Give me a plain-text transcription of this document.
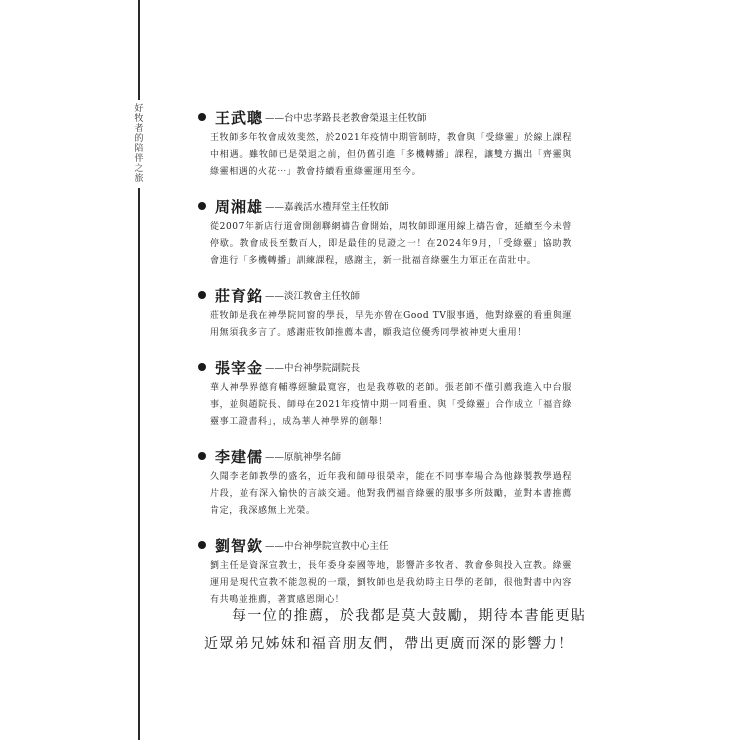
好牧者的陪伴之旅
王武聰 ——台中忠孝路長老教會榮退主任牧師
王牧師多年牧會成效斐然，於2021年疫情中期管制時，教會與「受綠靈」於線上課程中相遇。雖牧師已是榮退之前，但仍舊引進「多機轉播」課程，讓雙方攜出「齊靈與綠靈相遇的火花⋯」教會持續看重綠靈運用至今。
周湘雄 ——嘉義活水禮拜堂主任牧師
從2007年新店行道會開創聯網禱告會開始，周牧師即運用線上禱告會，延續至今未曾停歇。教會成長至數百人，即是最佳的見證之一！在2024年9月，「受綠靈」協助教會進行「多機轉播」訓練課程，感謝主，新一批福音綠靈生力軍正在苗壯中。
莊育銘 ——淡江教會主任牧師
莊牧師是我在神學院同窗的學長，早先亦曾在Good TV服事過，他對綠靈的看重與運用無須我多言了。感謝莊牧師推薦本書，願我這位優秀同學被神更大重用！
張宰金 ——中台神學院副院長
華人神學界德育輔導經驗最寬容，也是我尊敬的老師。張老師不僅引薦我進入中台服事，並與趙院長、師母在2021年疫情中期一同看重、與「受綠靈」合作成立「福音綠靈事工證書科」，成為華人神學界的創舉！
李建儒 ——原航神學名師
久聞李老師教學的盛名，近年我和師母很榮幸，能在不同事奉場合為他錄製教學過程片段，並有深入愉快的言談交通。他對我們福音綠靈的服事多所鼓勵，並對本書推薦肯定，我深感無上光榮。
劉智欽 ——中台神學院宣教中心主任
劉主任是資深宣教士，長年委身泰國等地，影響許多牧者、教會參與投入宣教。綠靈運用是現代宣教不能忽視的一環，劉牧師也是我幼時主日學的老師，很他對書中內容有共鳴並推薦，著實感恩開心！
每一位的推薦，於我都是莫大鼓勵，期待本書能更貼近眾弟兄姊妹和福音朋友們，帶出更廣而深的影響力！
